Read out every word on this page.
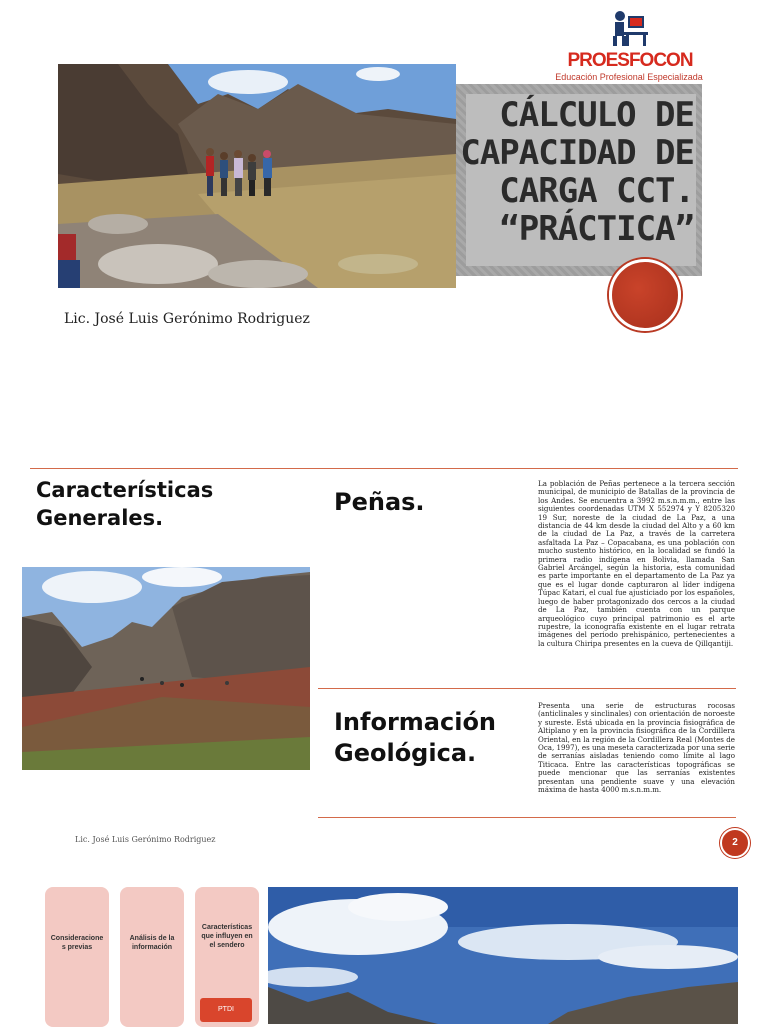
CÁLCULO DE
CAPACIDAD DE
CARGA CCT.
“PRÁCTICA”
PROESFOCON
Educación Profesional Especializada
Lic. José Luis Gerónimo Rodriguez
Características Generales.
Peñas.
La población de Peñas pertenece a la tercera sección municipal, de municipio de Batallas de la provincia de los Andes. Se encuentra a 3992 m.s.n.m.m., entre las siguientes coordenadas UTM X 552974 y Y 8205320 19 Sur, noreste de la ciudad de La Paz, a una distancia de 44 km desde la ciudad del Alto y a 60 km de la ciudad de La Paz, a través de la carretera asfaltada La Paz – Copacabana, es una población con mucho sustento histórico, en la localidad se fundó la primera radio indígena en Bolivia, llamada San Gabriel Arcángel, según la historia, esta comunidad es parte importante en el departamento de La Paz ya que es el lugar donde capturaron al líder indígena Túpac Katari, el cual fue ajusticiado por los españoles, luego de haber protagonizado dos cercos a la ciudad de La Paz, también cuenta con un parque arqueológico cuyo principal patrimonio es el arte rupestre, la iconografía existente en el lugar retrata imágenes del periodo prehispánico, pertenecientes a la cultura Chiripa presentes en la cueva de Qillqantiji.
Información Geológica.
Presenta una serie de estructuras rocosas (anticlinales y sinclinales) con orientación de noroeste y sureste. Está ubicada en la provincia fisiográfica de Altiplano y en la provincia fisiográfica de la Cordillera Oriental, en la región de la Cordillera Real (Montes de Oca, 1997), es una meseta caracterizada por una serie de serranías aisladas teniendo como límite al lago Titicaca. Entre las características topográficas se puede mencionar que las serranías existentes presentan una pendiente suave y una elevación máxima de hasta 4000 m.s.n.m.m.
Lic. José Luis Gerónimo Rodriguez	2
Consideracione s previas
Análisis de la información
Características que influyen en el sendero
PTDI
